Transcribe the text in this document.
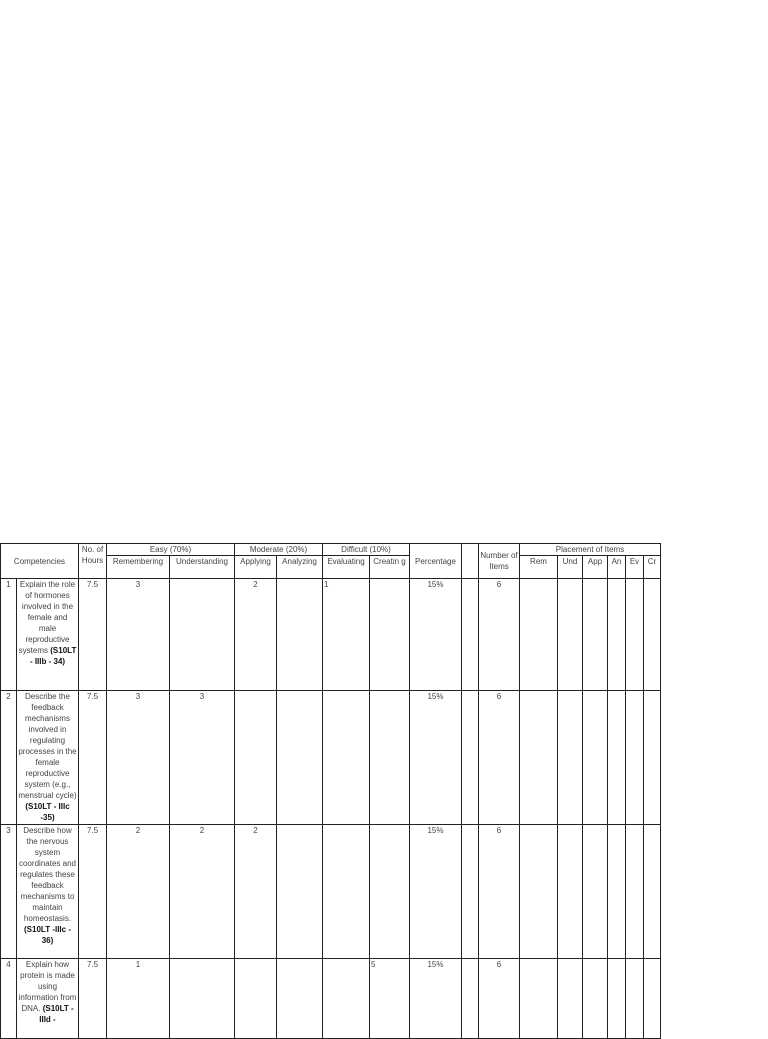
Competencies		No. of Hours	Easy (70%)		Moderate (20%)		Difficult (10%)		Percentage		Number of Items	Placement of Items					
			Remembering	Understanding	Applying	Analyzing	Evaluating	Creatin g				Rem	Und	App	An	Ev	Cr
1	Explain the role of hormones involved in the female and male reproductive systems (S10LT - IIIb - 34)	7.5	3		2		1		15%		6						
2	Describe the feedback mechanisms involved in regulating processes in the female reproductive system (e.g., menstrual cycle) (S10LT - IIIc -35)	7.5	3	3					15%		6						
3	Describe how the nervous system coordinates and regulates these feedback mechanisms to maintain homeostasis. (S10LT -IIIc - 36)	7.5	2	2	2				15%		6						
4	Explain how protein is made using information from DNA. (S10LT -IIId -	7.5	1					5	15%		6						
